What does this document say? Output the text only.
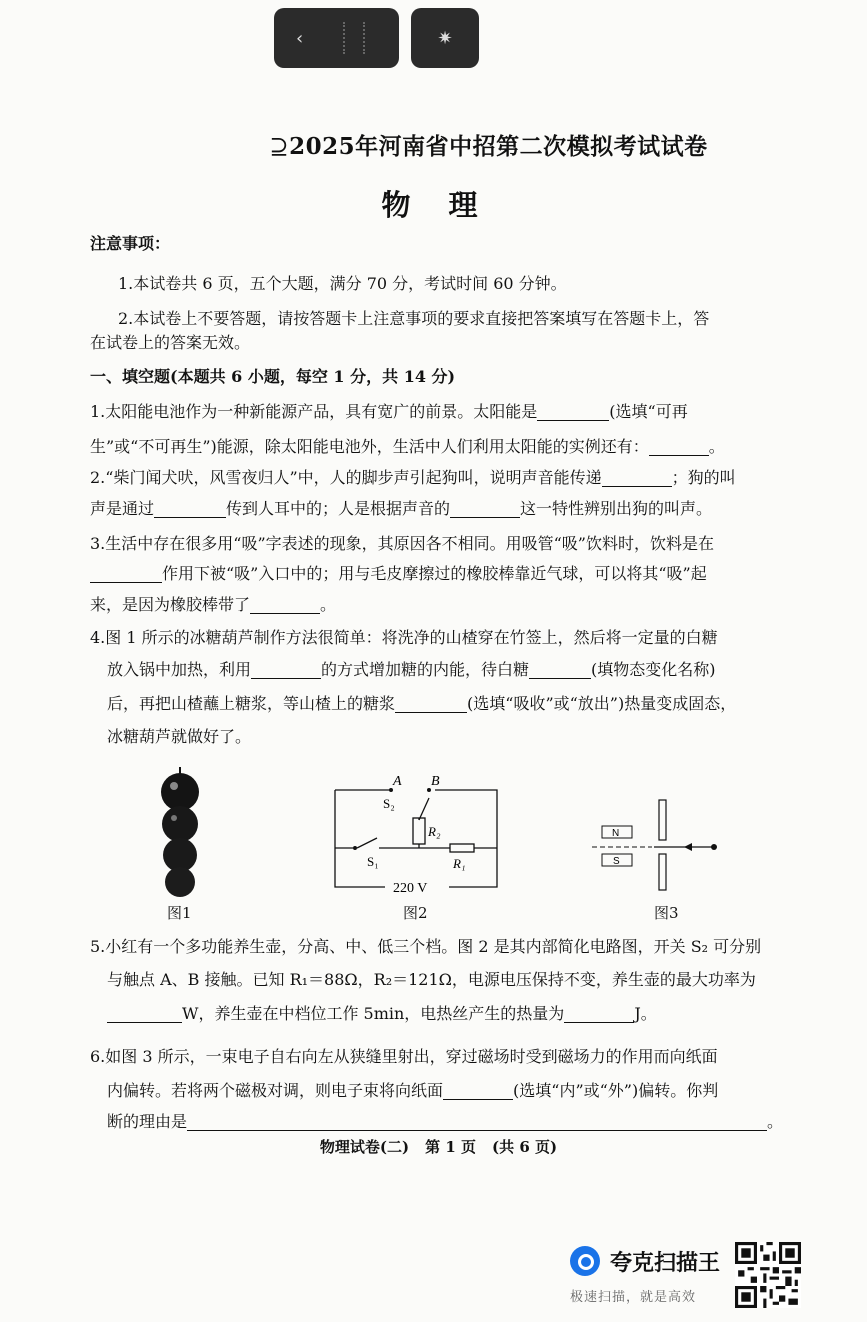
‹	✷
⊇2025年河南省中招第二次模拟考试试卷
物理
注意事项：
1.本试卷共 6 页，五个大题，满分 70 分，考试时间 60 分钟。
2.本试卷上不要答题，请按答题卡上注意事项的要求直接把答案填写在答题卡上，答
在试卷上的答案无效。
一、填空题(本题共 6 小题，每空 1 分，共 14 分)
1.太阳能电池作为一种新能源产品，具有宽广的前景。太阳能是	(选填“可再
生”或“不可再生”)能源，除太阳能电池外，生活中人们利用太阳能的实例还有：	。
2.“柴门闻犬吠，风雪夜归人”中，人的脚步声引起狗叫，说明声音能传递	；狗的叫
声是通过	传到人耳中的；人是根据声音的	这一特性辨别出狗的叫声。
3.生活中存在很多用“吸”字表述的现象，其原因各不相同。用吸管“吸”饮料时，饮料是在
作用下被“吸”入口中的；用与毛皮摩擦过的橡胶棒靠近气球，可以将其“吸”起
来，是因为橡胶棒带了	。
4.图 1 所示的冰糖葫芦制作方法很简单：将洗净的山楂穿在竹签上，然后将一定量的白糖
放入锅中加热，利用	的方式增加糖的内能，待白糖	(填物态变化名称)
后，再把山楂蘸上糖浆，等山楂上的糖浆	(选填“吸收”或“放出”)热量变成固态，
冰糖葫芦就做好了。
图1
A B
S₂
R₂
S₁	R₁
220 V
图2
N
S
图3
5.小红有一个多功能养生壶，分高、中、低三个档。图 2 是其内部简化电路图，开关 S₂ 可分别
与触点 A、B 接触。已知 R₁＝88Ω，R₂＝121Ω，电源电压保持不变，养生壶的最大功率为
W，养生壶在中档位工作 5min，电热丝产生的热量为	J。
6.如图 3 所示，一束电子自右向左从狭缝里射出，穿过磁场时受到磁场力的作用而向纸面
内偏转。若将两个磁极对调，则电子束将向纸面	(选填“内”或“外”)偏转。你判
断的理由是	。
物理试卷(二) 第 1 页 (共 6 页)
夸克扫描王
极速扫描，就是高效
